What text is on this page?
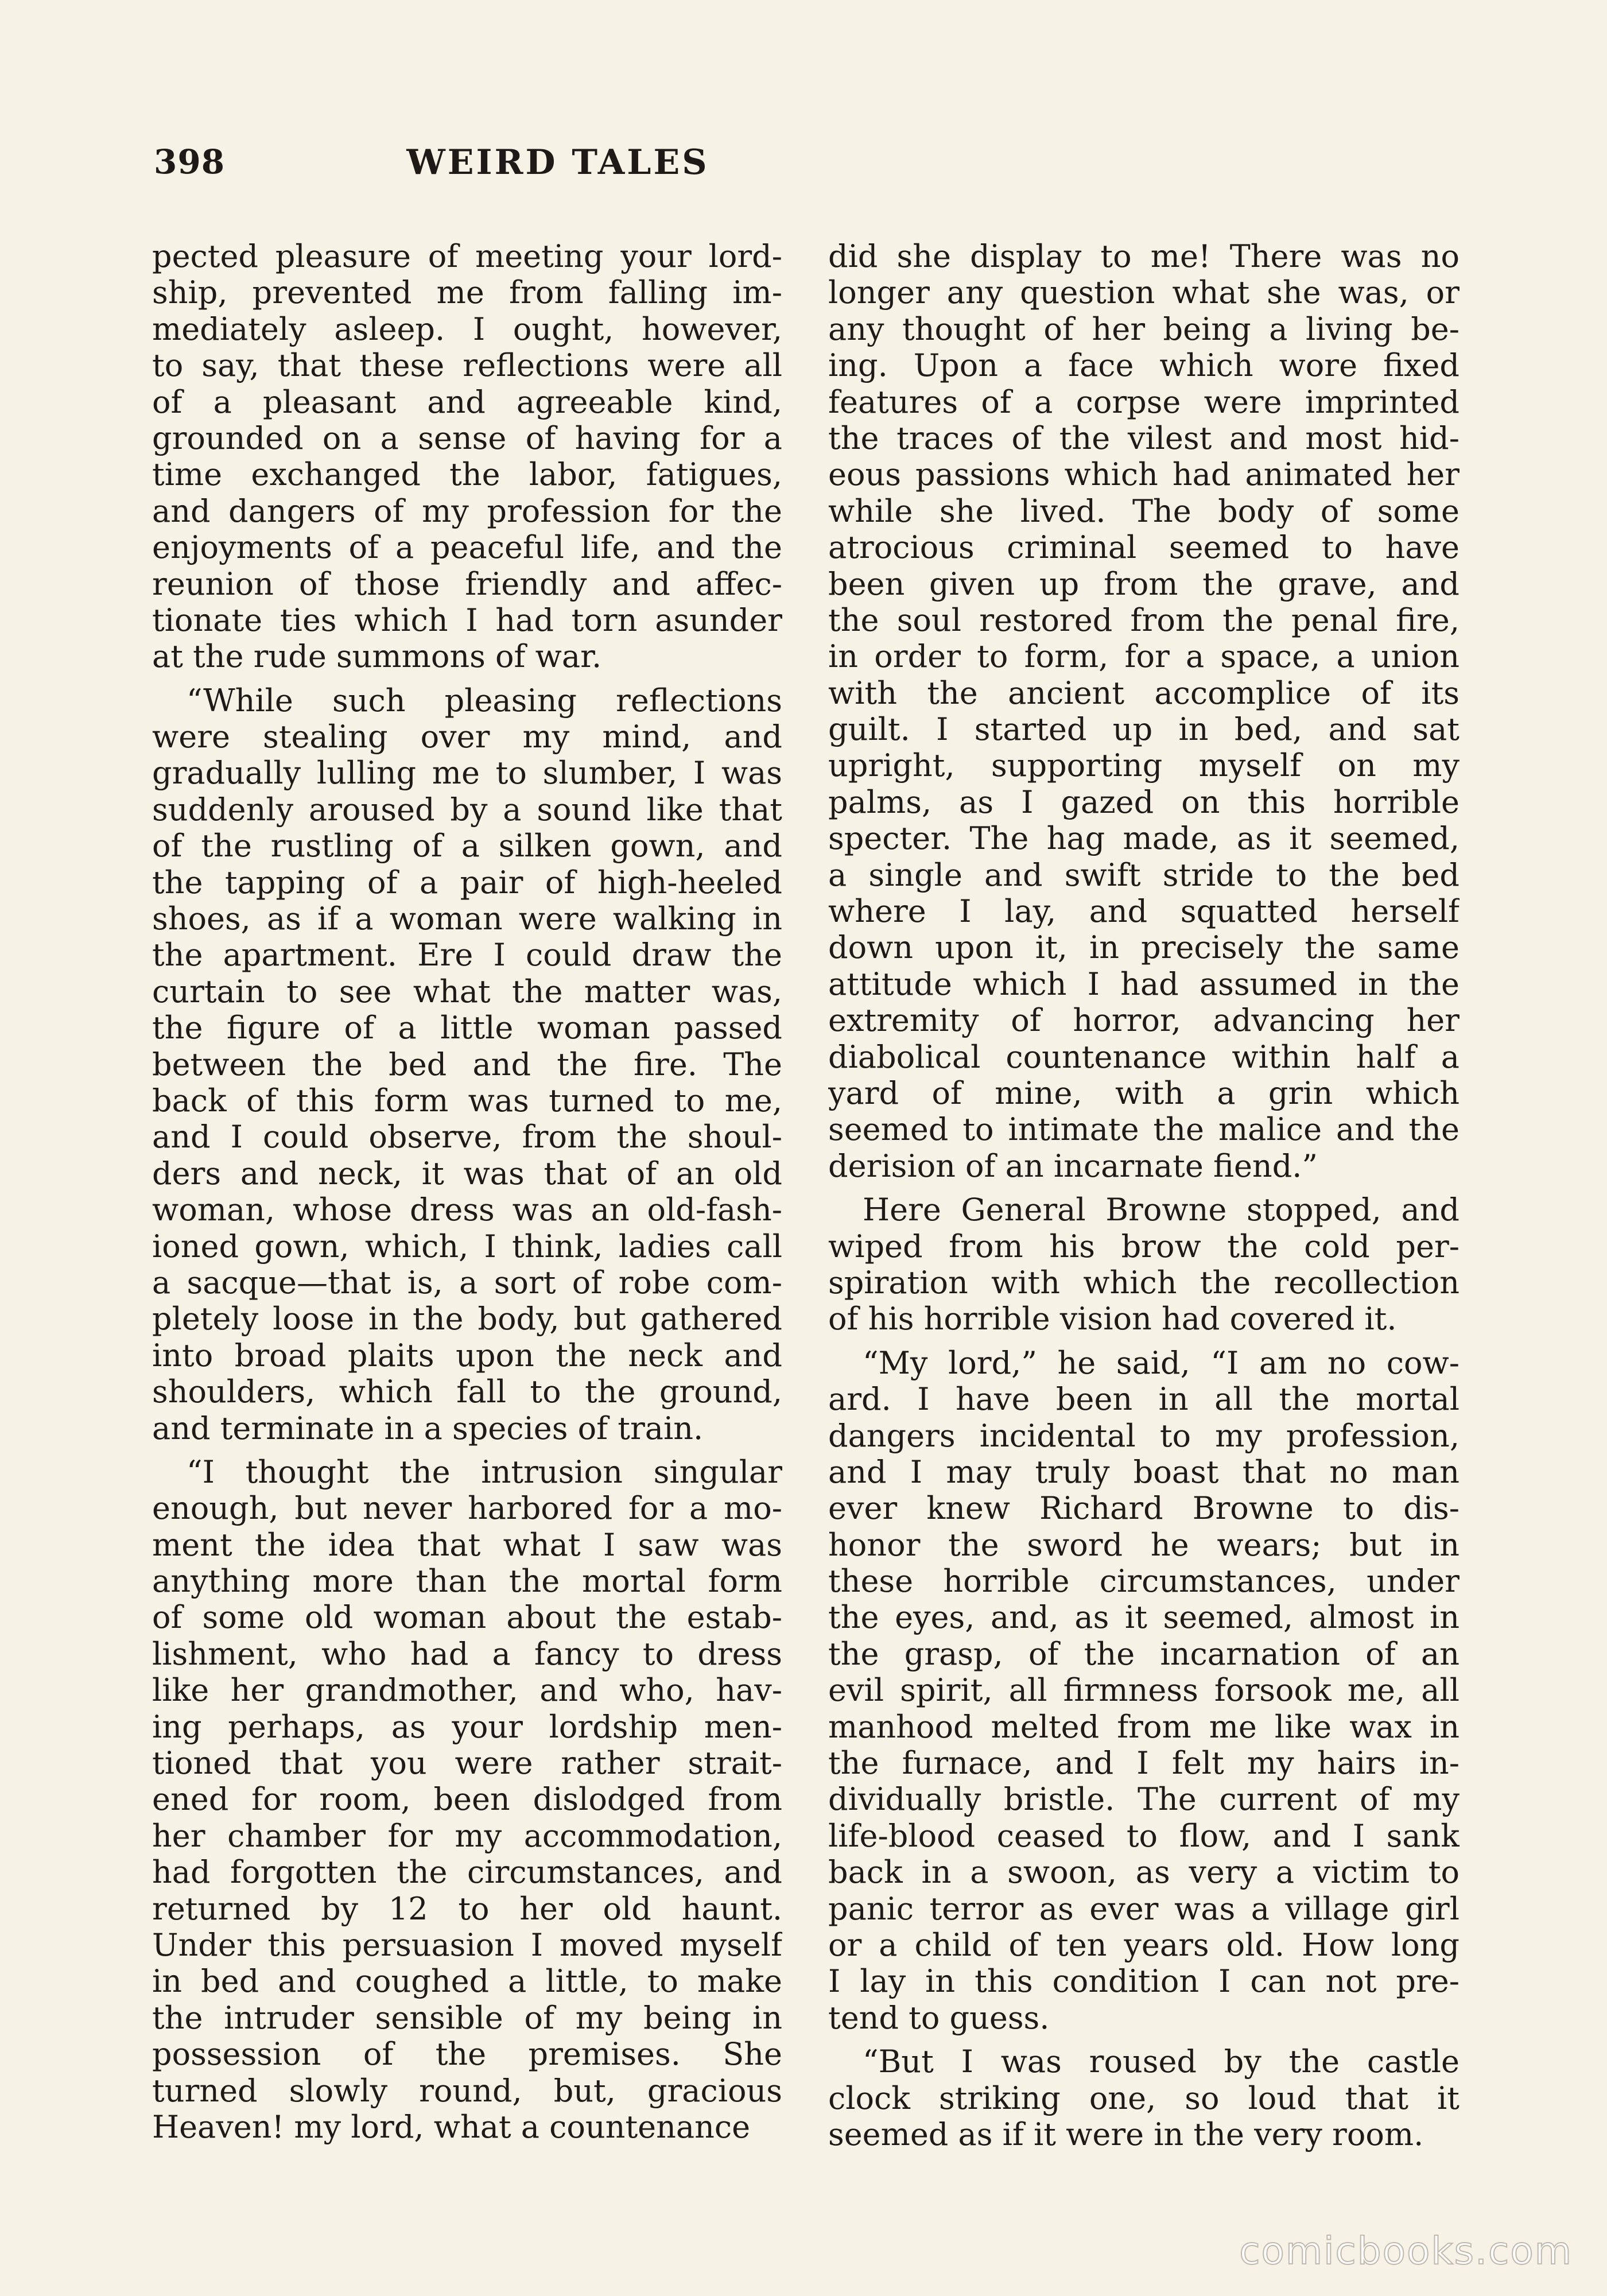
398	WEIRD TALES
pected pleasure of meeting your lord-
ship, prevented me from falling im-
mediately asleep. I ought, however,
to say, that these reflections were all
of a pleasant and agreeable kind,
grounded on a sense of having for a
time exchanged the labor, fatigues,
and dangers of my profession for the
enjoyments of a peaceful life, and the
reunion of those friendly and affec-
tionate ties which I had torn asunder
at the rude summons of war.
“While such pleasing reflections
were stealing over my mind, and
gradually lulling me to slumber, I was
suddenly aroused by a sound like that
of the rustling of a silken gown, and
the tapping of a pair of high-heeled
shoes, as if a woman were walking in
the apartment. Ere I could draw the
curtain to see what the matter was,
the figure of a little woman passed
between the bed and the fire. The
back of this form was turned to me,
and I could observe, from the shoul-
ders and neck, it was that of an old
woman, whose dress was an old-fash-
ioned gown, which, I think, ladies call
a sacque—that is, a sort of robe com-
pletely loose in the body, but gathered
into broad plaits upon the neck and
shoulders, which fall to the ground,
and terminate in a species of train.
“I thought the intrusion singular
enough, but never harbored for a mo-
ment the idea that what I saw was
anything more than the mortal form
of some old woman about the estab-
lishment, who had a fancy to dress
like her grandmother, and who, hav-
ing perhaps, as your lordship men-
tioned that you were rather strait-
ened for room, been dislodged from
her chamber for my accommodation,
had forgotten the circumstances, and
returned by 12 to her old haunt.
Under this persuasion I moved myself
in bed and coughed a little, to make
the intruder sensible of my being in
possession of the premises. She
turned slowly round, but, gracious
Heaven! my lord, what a countenance
did she display to me! There was no
longer any question what she was, or
any thought of her being a living be-
ing. Upon a face which wore fixed
features of a corpse were imprinted
the traces of the vilest and most hid-
eous passions which had animated her
while she lived. The body of some
atrocious criminal seemed to have
been given up from the grave, and
the soul restored from the penal fire,
in order to form, for a space, a union
with the ancient accomplice of its
guilt. I started up in bed, and sat
upright, supporting myself on my
palms, as I gazed on this horrible
specter. The hag made, as it seemed,
a single and swift stride to the bed
where I lay, and squatted herself
down upon it, in precisely the same
attitude which I had assumed in the
extremity of horror, advancing her
diabolical countenance within half a
yard of mine, with a grin which
seemed to intimate the malice and the
derision of an incarnate fiend.”
Here General Browne stopped, and
wiped from his brow the cold per-
spiration with which the recollection
of his horrible vision had covered it.
“My lord,” he said, “I am no cow-
ard. I have been in all the mortal
dangers incidental to my profession,
and I may truly boast that no man
ever knew Richard Browne to dis-
honor the sword he wears; but in
these horrible circumstances, under
the eyes, and, as it seemed, almost in
the grasp, of the incarnation of an
evil spirit, all firmness forsook me, all
manhood melted from me like wax in
the furnace, and I felt my hairs in-
dividually bristle. The current of my
life-blood ceased to flow, and I sank
back in a swoon, as very a victim to
panic terror as ever was a village girl
or a child of ten years old. How long
I lay in this condition I can not pre-
tend to guess.
“But I was roused by the castle
clock striking one, so loud that it
seemed as if it were in the very room.
comicbooks.com
